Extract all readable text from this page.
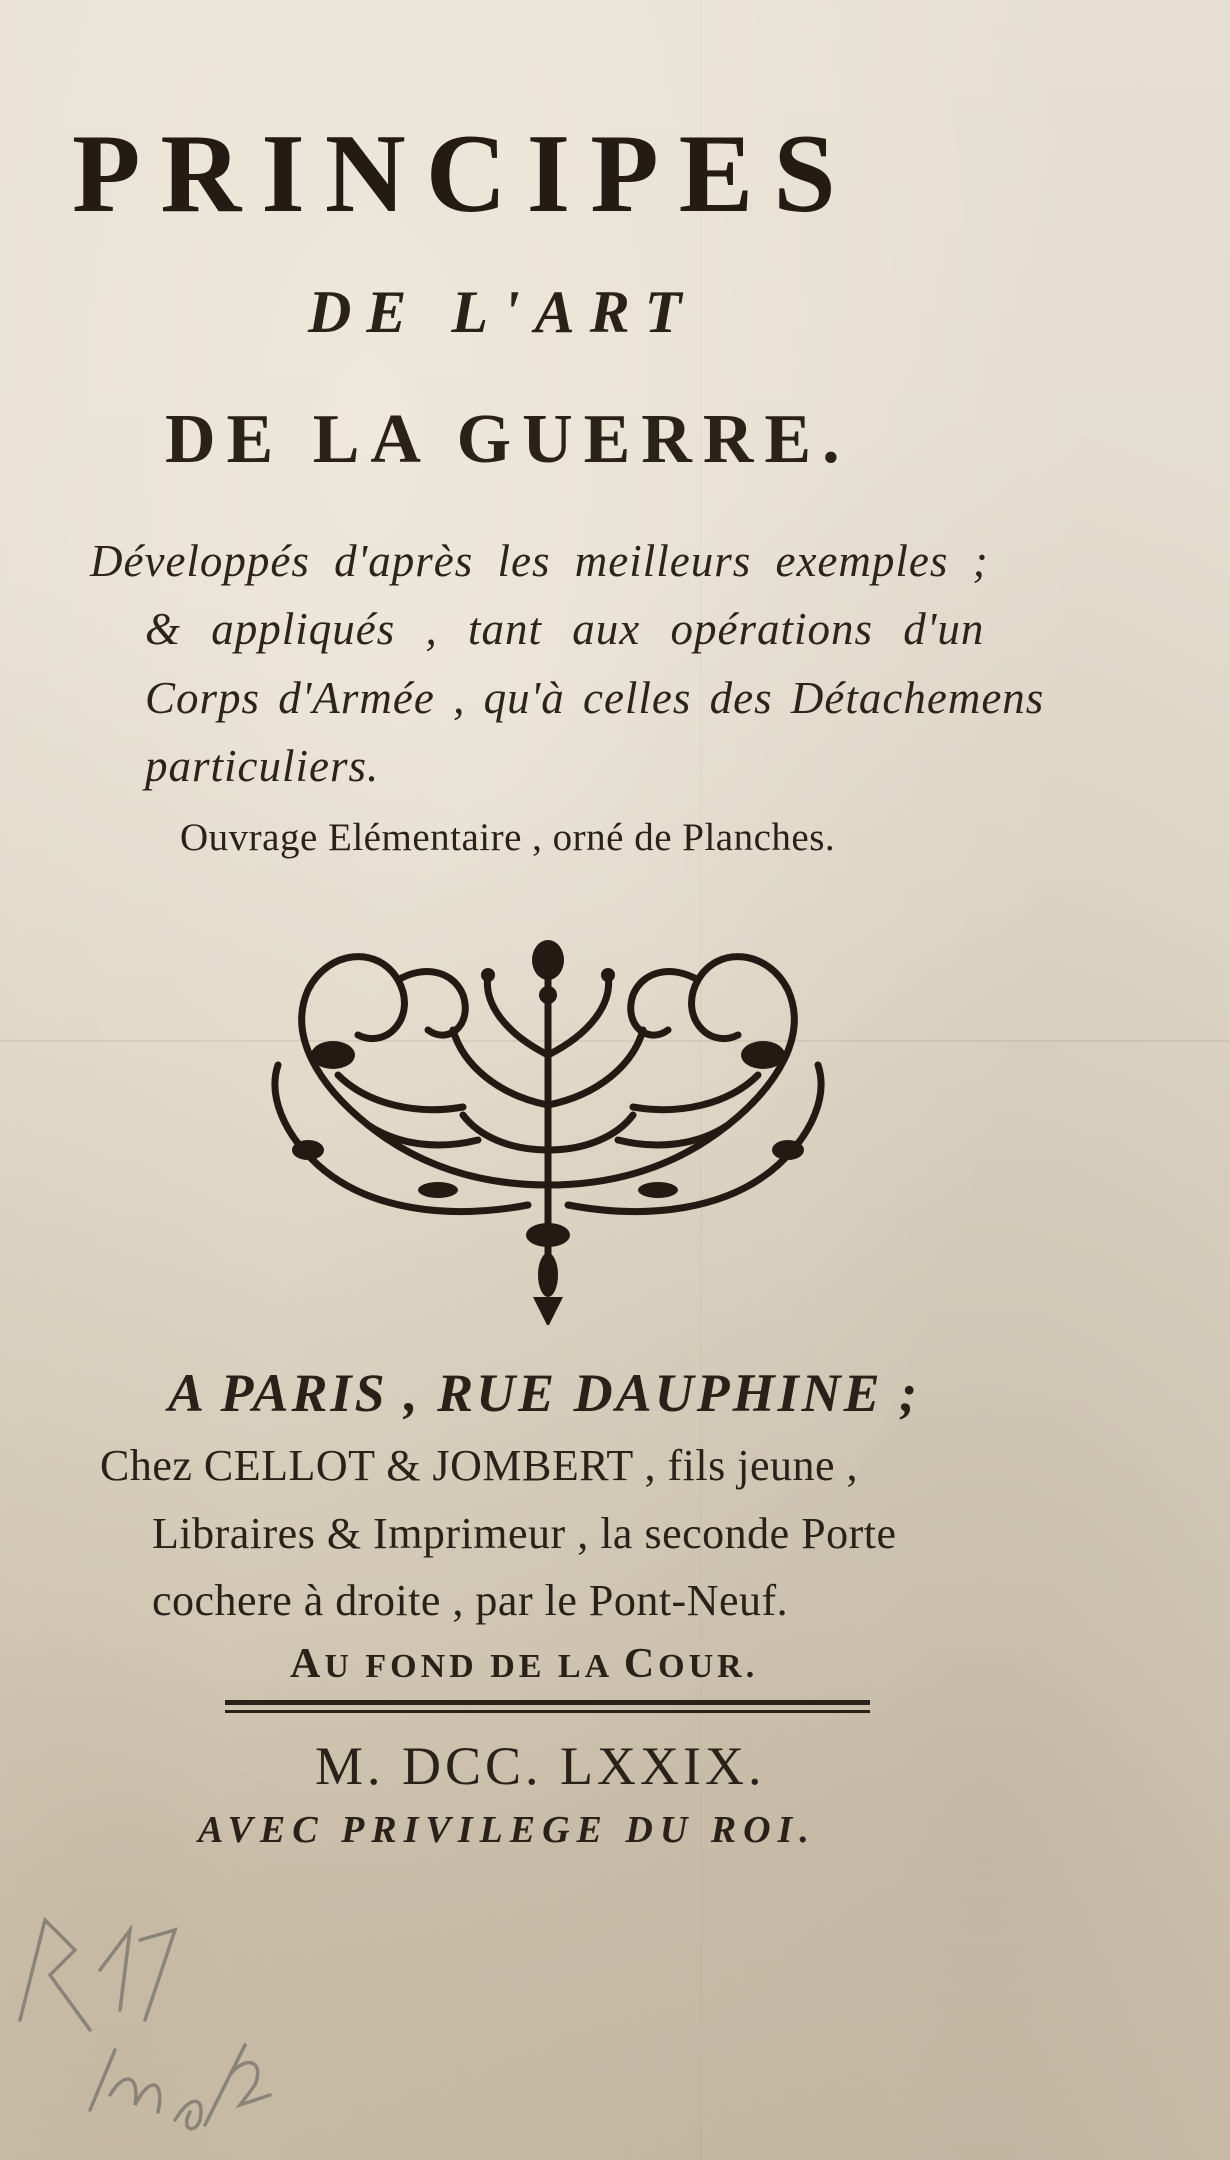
PRINCIPES
DE L'ART
DE LA GUERRE.
Développés d'après les meilleurs exemples ;
& appliqués , tant aux opérations d'un
Corps d'Armée , qu'à celles des Détachemens
particuliers.
Ouvrage Elémentaire , orné de Planches.
A PARIS , RUE DAUPHINE ;
Chez CELLOT & JOMBERT , fils jeune ,
Libraires & Imprimeur , la seconde Porte
cochere à droite , par le Pont-Neuf.
AU FOND DE LA COUR.
M. DCC. LXXIX.
AVEC PRIVILEGE DU ROI.
